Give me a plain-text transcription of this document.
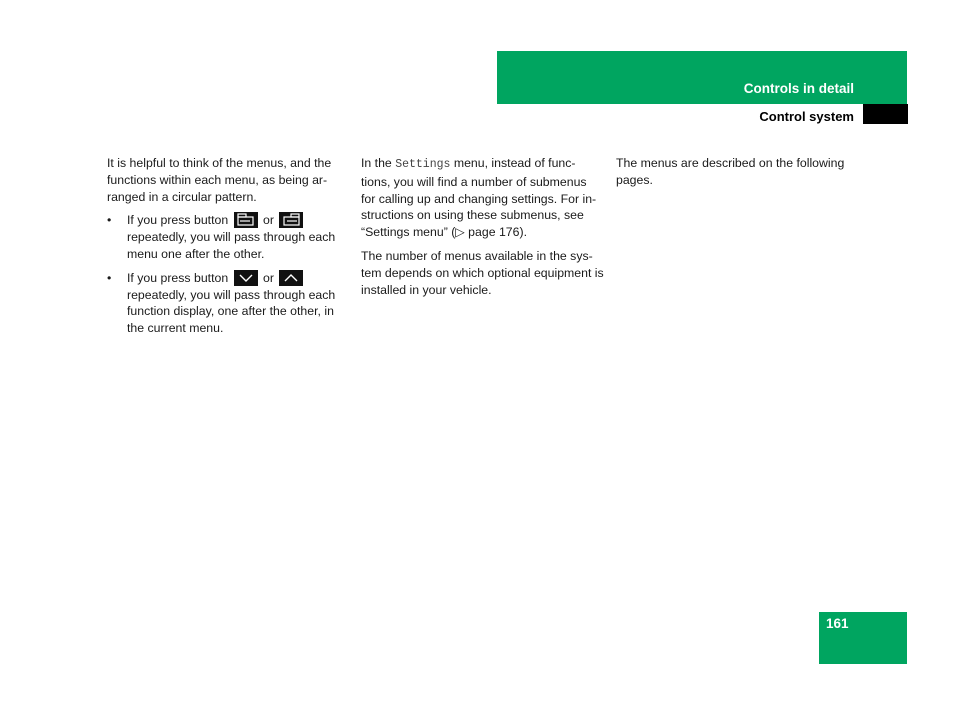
Controls in detail
Control system

It is helpful to think of the menus, and the functions within each menu, as being ar-ranged in a circular pattern.

• If you press button	or
repeatedly, you will pass through each menu one after the other.
• If you press button	or
repeatedly, you will pass through each function display, one after the other, in the current menu.

In the Settings menu, instead of func-tions, you will find a number of submenus for calling up and changing settings. For in-structions on using these submenus, see “Settings menu” (▷ page 176).

The number of menus available in the sys-tem depends on which optional equipment is installed in your vehicle.

The menus are described on the following pages.

161
